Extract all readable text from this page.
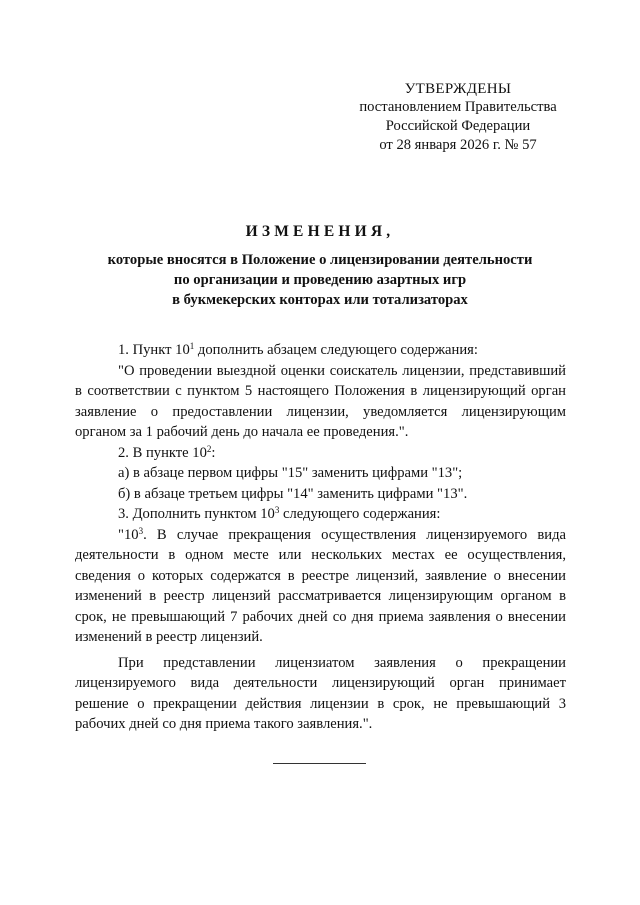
УТВЕРЖДЕНЫ
постановлением Правительства
Российской Федерации
от 28 января 2026 г. № 57
ИЗМЕНЕНИЯ,
которые вносятся в Положение о лицензировании деятельности
по организации и проведению азартных игр
в букмекерских конторах или тотализаторах

1. Пункт $10^1$ дополнить абзацем следующего содержания:

"О проведении выездной оценки соискатель лицензии, представивший в соответствии с пунктом 5 настоящего Положения в лицензирующий орган заявление о предоставлении лицензии, уведомляется лицензирующим органом за 1 рабочий день до начала ее проведения.".

2. В пункте $10^2$:

а) в абзаце первом цифры "15" заменить цифрами "13";

б) в абзаце третьем цифры "14" заменить цифрами "13".

3. Дополнить пунктом $10^3$ следующего содержания:

"$10^3$. В случае прекращения осуществления лицензируемого вида деятельности в одном месте или нескольких местах ее осуществления, сведения о которых содержатся в реестре лицензий, заявление о внесении изменений в реестр лицензий рассматривается лицензирующим органом в срок, не превышающий 7 рабочих дней со дня приема заявления о внесении изменений в реестр лицензий.

При представлении лицензиатом заявления о прекращении лицензируемого вида деятельности лицензирующий орган принимает решение о прекращении действия лицензии в срок, не превышающий 3 рабочих дней со дня приема такого заявления.".
